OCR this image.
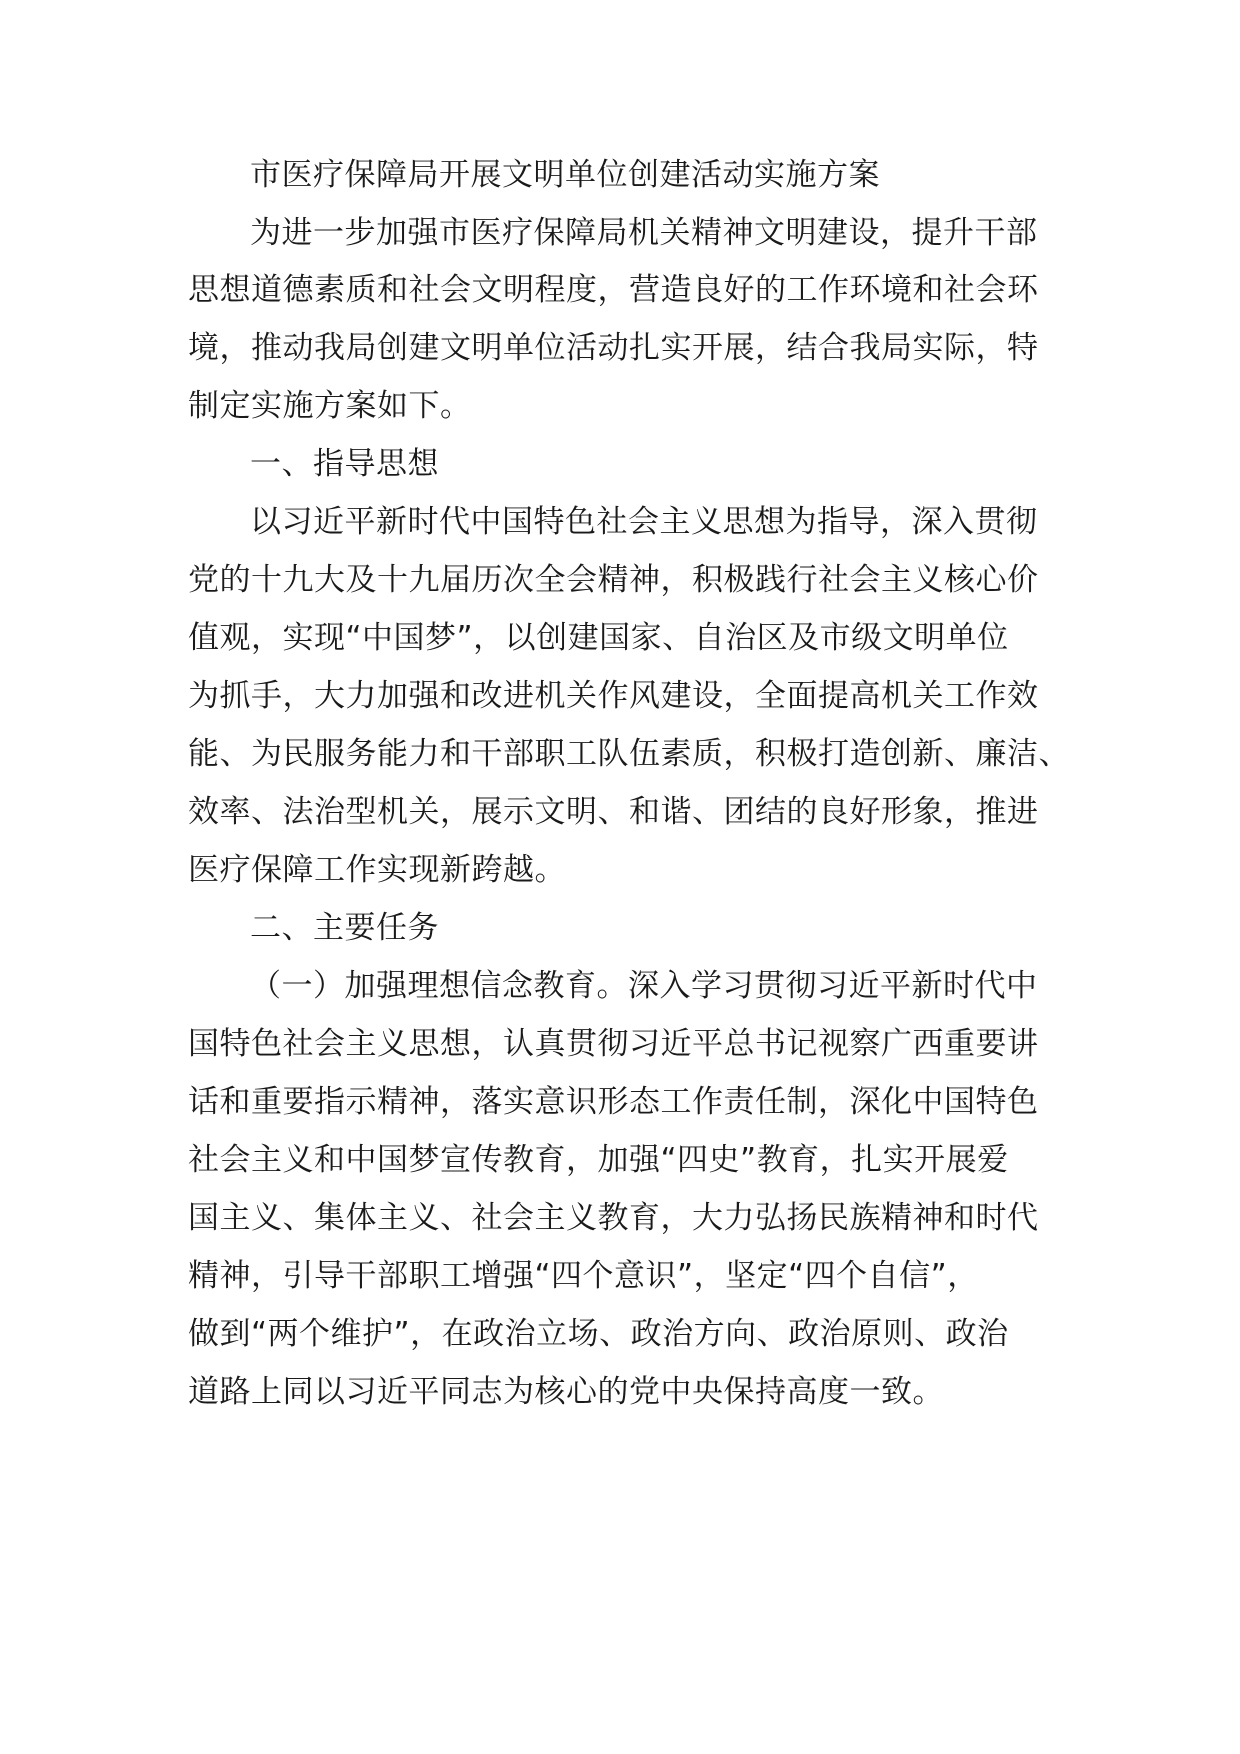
市医疗保障局开展文明单位创建活动实施方案

为进一步加强市医疗保障局机关精神文明建设，提升干部

思想道德素质和社会文明程度，营造良好的工作环境和社会环

境，推动我局创建文明单位活动扎实开展，结合我局实际，特

制定实施方案如下。

一、指导思想

以习近平新时代中国特色社会主义思想为指导，深入贯彻

党的十九大及十九届历次全会精神，积极践行社会主义核心价

值观，实现“中国梦”，以创建国家、自治区及市级文明单位

为抓手，大力加强和改进机关作风建设，全面提高机关工作效

能、为民服务能力和干部职工队伍素质，积极打造创新、廉洁、

效率、法治型机关，展示文明、和谐、团结的良好形象，推进

医疗保障工作实现新跨越。

二、主要任务

（一）加强理想信念教育。深入学习贯彻习近平新时代中

国特色社会主义思想，认真贯彻习近平总书记视察广西重要讲

话和重要指示精神，落实意识形态工作责任制，深化中国特色

社会主义和中国梦宣传教育，加强“四史”教育，扎实开展爱

国主义、集体主义、社会主义教育，大力弘扬民族精神和时代

精神，引导干部职工增强“四个意识”，坚定“四个自信”，

做到“两个维护”，在政治立场、政治方向、政治原则、政治

道路上同以习近平同志为核心的党中央保持高度一致。
